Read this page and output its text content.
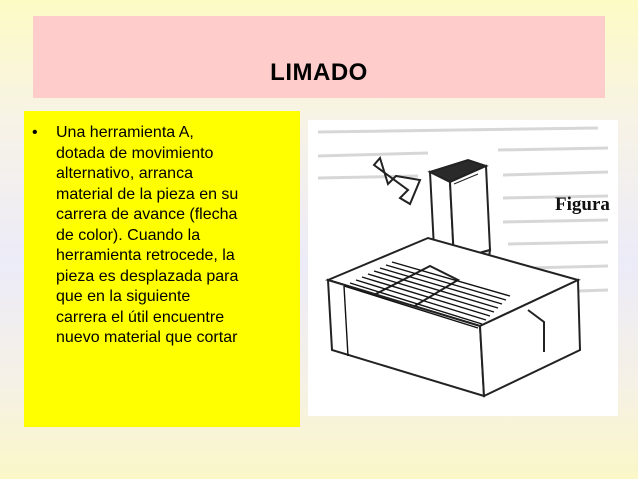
LIMADO
• Una herramienta A,
dotada de movimiento
alternativo, arranca
material de la pieza en su
carrera de avance (flecha
de color). Cuando la
herramienta retrocede, la
pieza es desplazada para
que en la siguiente
carrera el útil encuentre
nuevo material que cortar
Figura
